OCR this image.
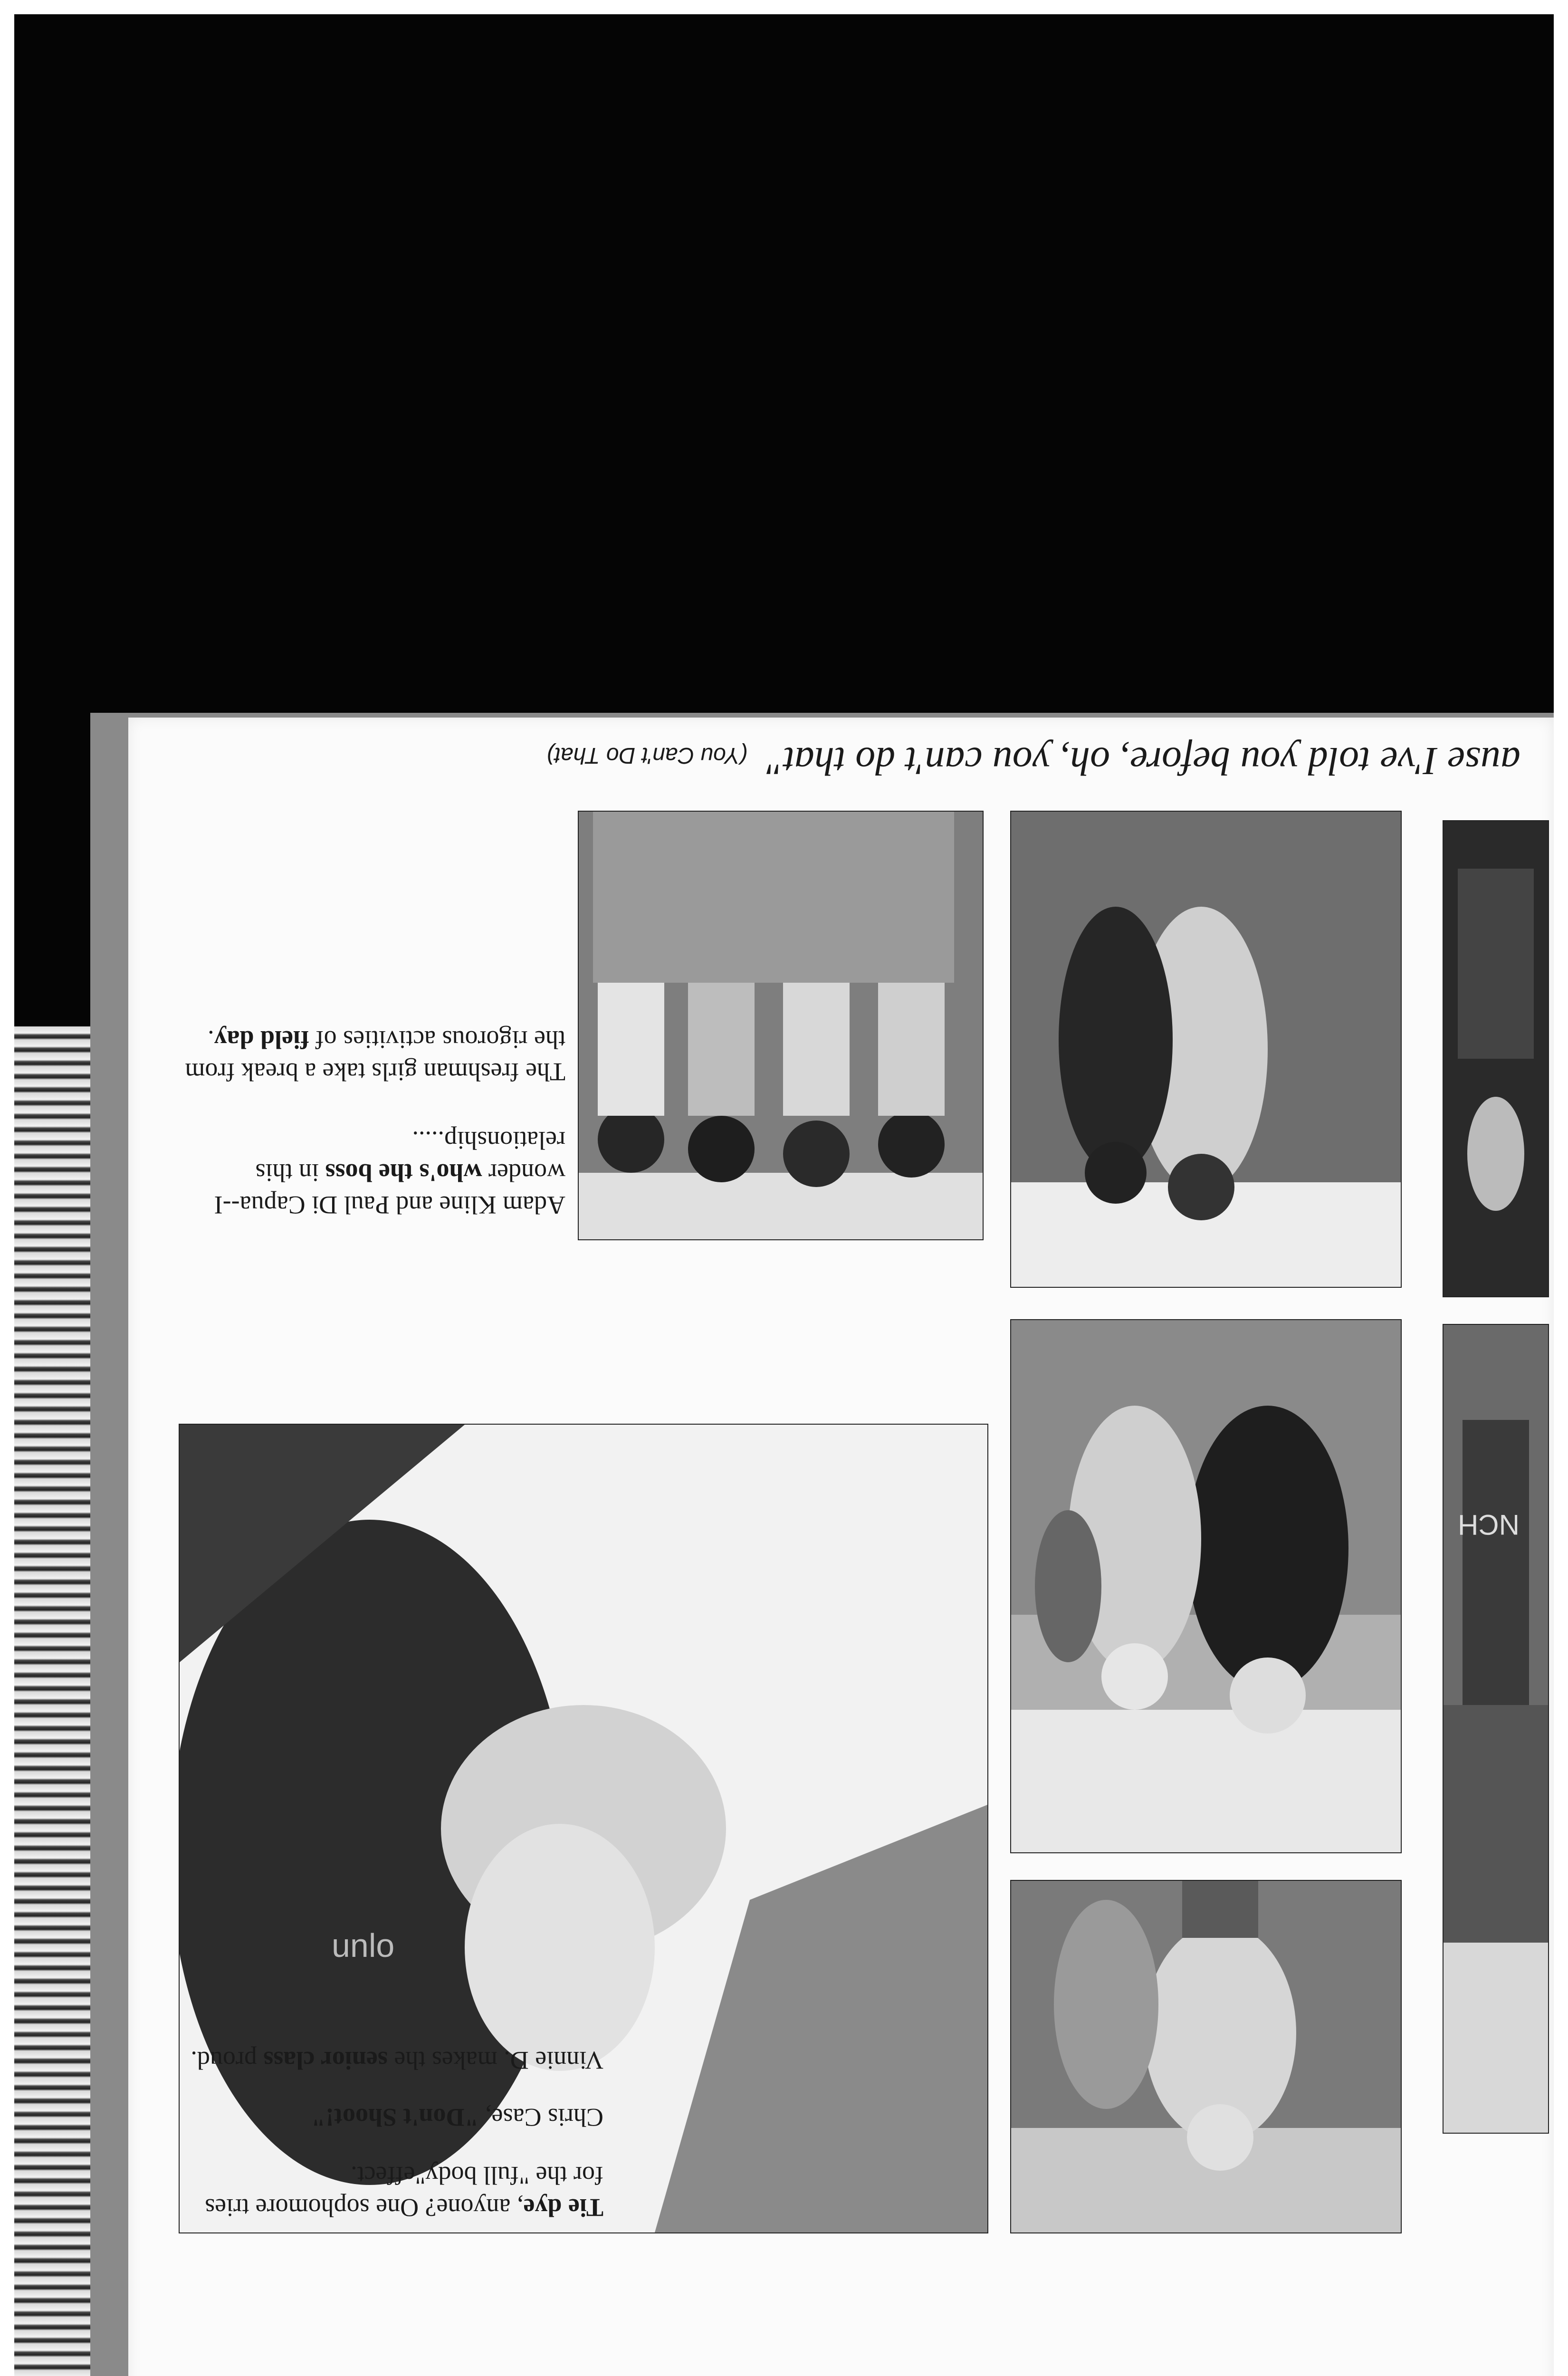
ause I've told you before, oh, you can't do that"(You Can't Do That)
NCH
unlo
Adam Kline and Paul Di Capua--I wonder who's the boss in this relationship.....
The freshman girls take a break from the rigorous activities of field day.
Tie dye, anyone? One sophomore tries for the "full body"effect.
Chris Case, "Don't Shoot!"
Vinnie D. makes the senior class proud.
